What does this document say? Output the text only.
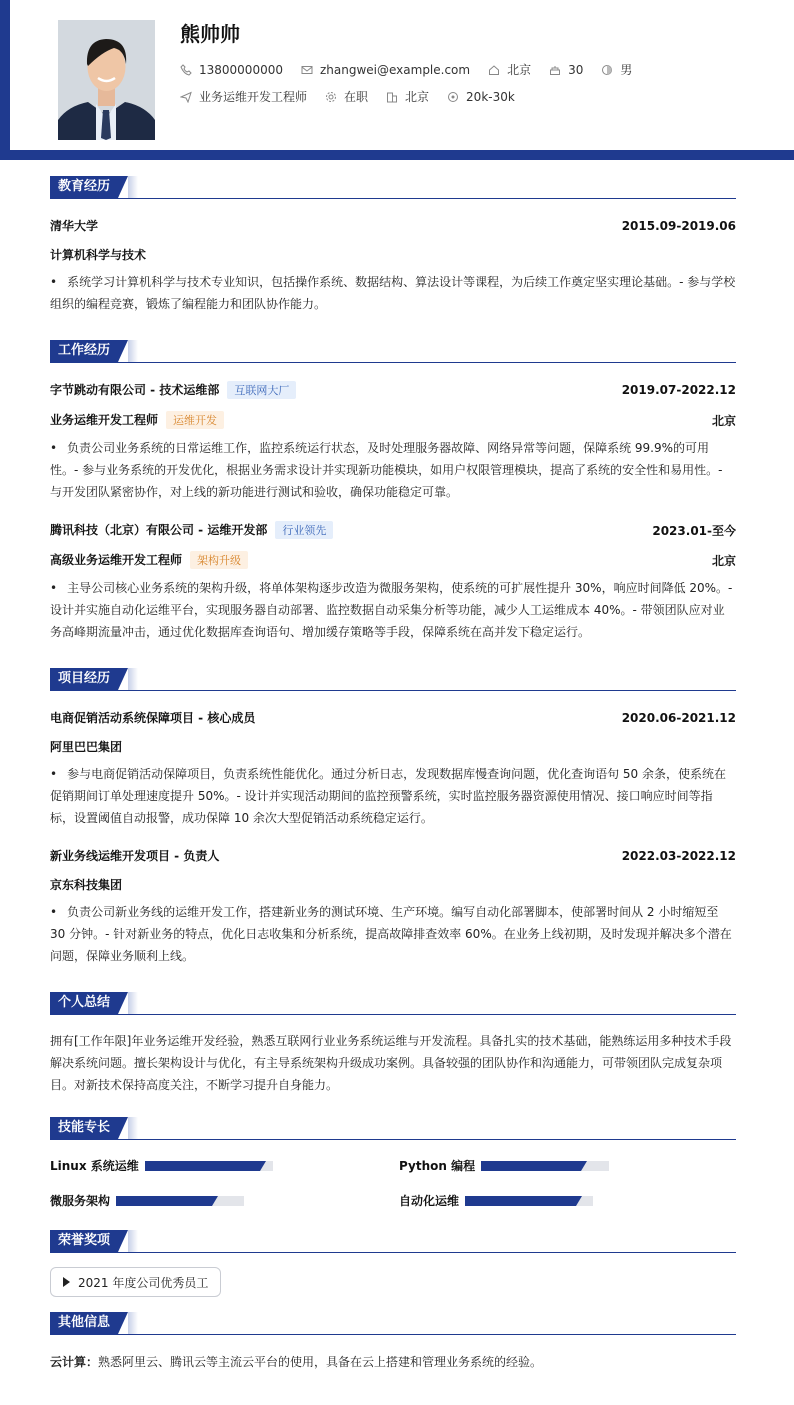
熊帅帅
13800000000	zhangwei@example.com	北京	30	男
业务运维开发工程师	在职	北京	20k-30k
教育经历
清华大学	2015.09-2019.06
计算机科学与技术
• 系统学习计算机科学与技术专业知识，包括操作系统、数据结构、算法设计等课程，为后续工作奠定坚实理论基础。- 参与学校组织的编程竞赛，锻炼了编程能力和团队协作能力。
工作经历
字节跳动有限公司 - 技术运维部 互联网大厂	2019.07-2022.12
业务运维开发工程师 运维开发	北京
• 负责公司业务系统的日常运维工作，监控系统运行状态，及时处理服务器故障、网络异常等问题，保障系统 99.9%的可用性。- 参与业务系统的开发优化，根据业务需求设计并实现新功能模块，如用户权限管理模块，提高了系统的安全性和易用性。- 与开发团队紧密协作，对上线的新功能进行测试和验收，确保功能稳定可靠。
腾讯科技（北京）有限公司 - 运维开发部 行业领先	2023.01-至今
高级业务运维开发工程师 架构升级	北京
• 主导公司核心业务系统的架构升级，将单体架构逐步改造为微服务架构，使系统的可扩展性提升 30%，响应时间降低 20%。- 设计并实施自动化运维平台，实现服务器自动部署、监控数据自动采集分析等功能，减少人工运维成本 40%。- 带领团队应对业务高峰期流量冲击，通过优化数据库查询语句、增加缓存策略等手段，保障系统在高并发下稳定运行。
项目经历
电商促销活动系统保障项目 - 核心成员	2020.06-2021.12
阿里巴巴集团
• 参与电商促销活动保障项目，负责系统性能优化。通过分析日志，发现数据库慢查询问题，优化查询语句 50 余条，使系统在促销期间订单处理速度提升 50%。- 设计并实现活动期间的监控预警系统，实时监控服务器资源使用情况、接口响应时间等指标，设置阈值自动报警，成功保障 10 余次大型促销活动系统稳定运行。
新业务线运维开发项目 - 负责人	2022.03-2022.12
京东科技集团
• 负责公司新业务线的运维开发工作，搭建新业务的测试环境、生产环境。编写自动化部署脚本，使部署时间从 2 小时缩短至 30 分钟。- 针对新业务的特点，优化日志收集和分析系统，提高故障排查效率 60%。在业务上线初期，及时发现并解决多个潜在问题，保障业务顺利上线。
个人总结
拥有[工作年限]年业务运维开发经验，熟悉互联网行业业务系统运维与开发流程。具备扎实的技术基础，能熟练运用多种技术手段解决系统问题。擅长架构设计与优化，有主导系统架构升级成功案例。具备较强的团队协作和沟通能力，可带领团队完成复杂项目。对新技术保持高度关注，不断学习提升自身能力。
技能专长
Linux 系统运维	Python 编程
微服务架构	自动化运维
荣誉奖项
2021 年度公司优秀员工
其他信息
云计算：熟悉阿里云、腾讯云等主流云平台的使用，具备在云上搭建和管理业务系统的经验。
